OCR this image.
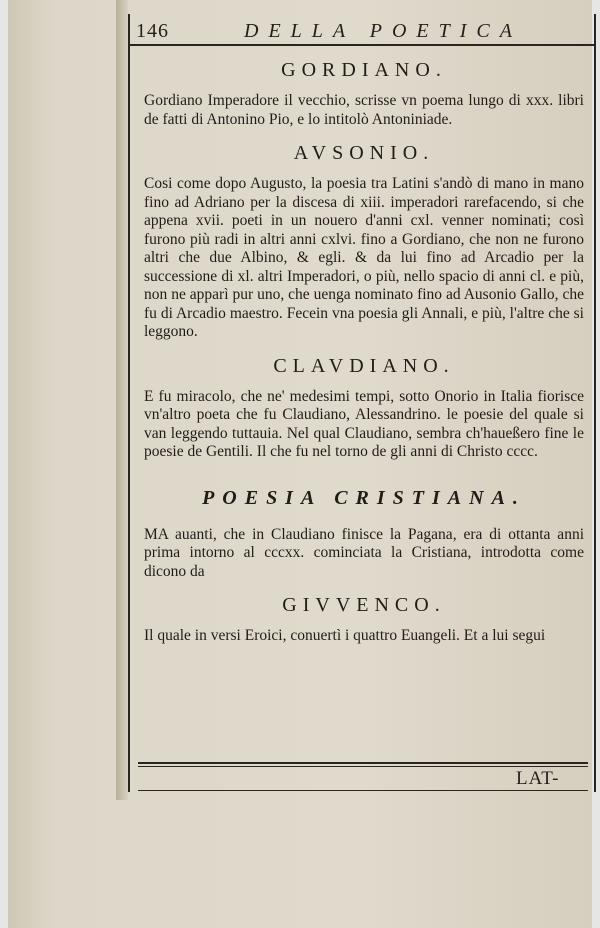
146	DELLA POETICA
GORDIANO.

Gordiano Imperadore il vecchio, scrisse vn poema lungo di xxx. libri de fatti di Antonino Pio, e lo intitolò Antoniniade.

AVSONIO.

Cosi come dopo Augusto, la poesia tra Latini s'andò di mano in mano fino ad Adriano per la discesa di xiii. imperadori rarefacendo, si che appena xvii. poeti in un nouero d'anni cxl. venner nominati; così furono più radi in altri anni cxlvi. fino a Gordiano, che non ne furono altri che due Albino, & egli. & da lui fino ad Arcadio per la successione di xl. altri Imperadori, o più, nello spacio di anni cl. e più, non ne apparì pur uno, che uenga nominato fino ad Ausonio Gallo, che fu di Arcadio maestro. Fecein vna poesia gli Annali, e più, l'altre che si leggono.

CLAVDIANO.

E fu miracolo, che ne' medesimi tempi, sotto Onorio in Italia fiorisce vn'altro poeta che fu Claudiano, Alessandrino. le poesie del quale si van leggendo tuttauia. Nel qual Claudiano, sembra ch'haueßero fine le poesie de Gentili. Il che fu nel torno de gli anni di Christo cccc.

POESIA CRISTIANA.

MA auanti, che in Claudiano finisce la Pagana, era di ottanta anni prima intorno al cccxx. cominciata la Cristiana, introdotta come dicono da

GIVVENCO.

Il quale in versi Eroici, conuertì i quattro Euangeli. Et a lui segui

LAT-
